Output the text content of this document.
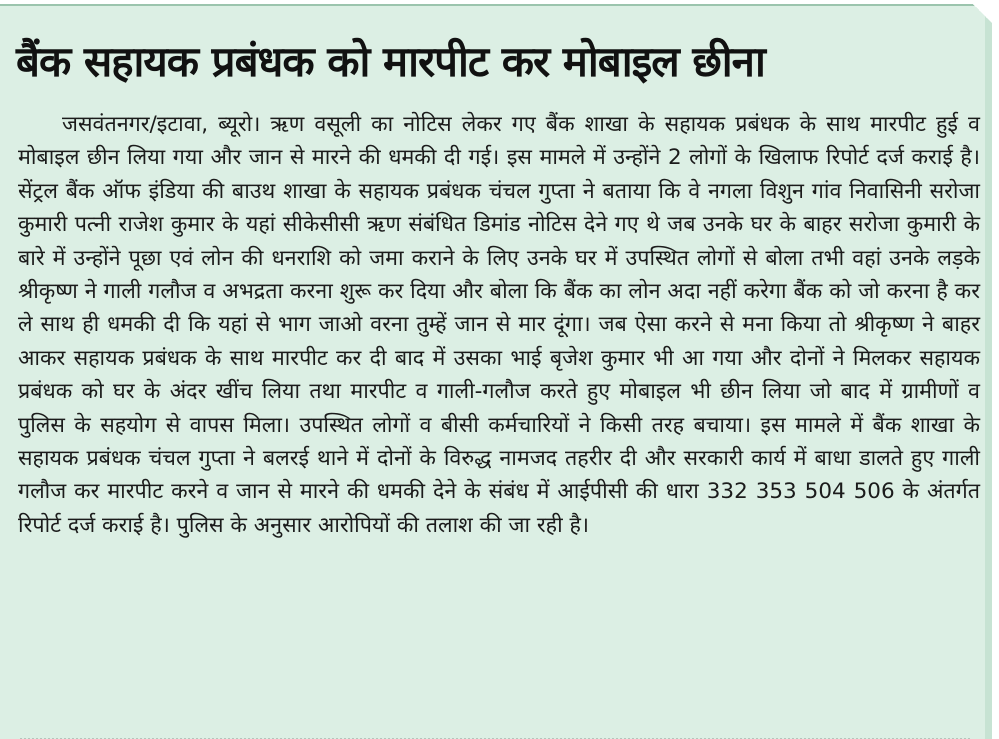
बैंक सहायक प्रबंधक को मारपीट कर मोबाइल छीना

जसवंतनगर/इटावा, ब्यूरो। ऋण वसूली का नोटिस लेकर गए बैंक शाखा के सहायक प्रबंधक के साथ मारपीट हुई व मोबाइल छीन लिया गया और जान से मारने की धमकी दी गई। इस मामले में उन्होंने 2 लोगों के खिलाफ रिपोर्ट दर्ज कराई है। सेंट्रल बैंक ऑफ इंडिया की बाउथ शाखा के सहायक प्रबंधक चंचल गुप्ता ने बताया कि वे नगला विशुन गांव निवासिनी सरोजा कुमारी पत्नी राजेश कुमार के यहां सीकेसीसी ऋण संबंधित डिमांड नोटिस देने गए थे जब उनके घर के बाहर सरोजा कुमारी के बारे में उन्होंने पूछा एवं लोन की धनराशि को जमा कराने के लिए उनके घर में उपस्थित लोगों से बोला तभी वहां उनके लड़के श्रीकृष्ण ने गाली गलौज व अभद्रता करना शुरू कर दिया और बोला कि बैंक का लोन अदा नहीं करेगा बैंक को जो करना है कर ले साथ ही धमकी दी कि यहां से भाग जाओ वरना तुम्हें जान से मार दूंगा। जब ऐसा करने से मना किया तो श्रीकृष्ण ने बाहर आकर सहायक प्रबंधक के साथ मारपीट कर दी बाद में उसका भाई बृजेश कुमार भी आ गया और दोनों ने मिलकर सहायक प्रबंधक को घर के अंदर खींच लिया तथा मारपीट व गाली-गलौज करते हुए मोबाइल भी छीन लिया जो बाद में ग्रामीणों व पुलिस के सहयोग से वापस मिला। उपस्थित लोगों व बीसी कर्मचारियों ने किसी तरह बचाया। इस मामले में बैंक शाखा के सहायक प्रबंधक चंचल गुप्ता ने बलरई थाने में दोनों के विरुद्ध नामजद तहरीर दी और सरकारी कार्य में बाधा डालते हुए गाली गलौज कर मारपीट करने व जान से मारने की धमकी देने के संबंध में आईपीसी की धारा 332 353 504 506 के अंतर्गत रिपोर्ट दर्ज कराई है। पुलिस के अनुसार आरोपियों की तलाश की जा रही है।
